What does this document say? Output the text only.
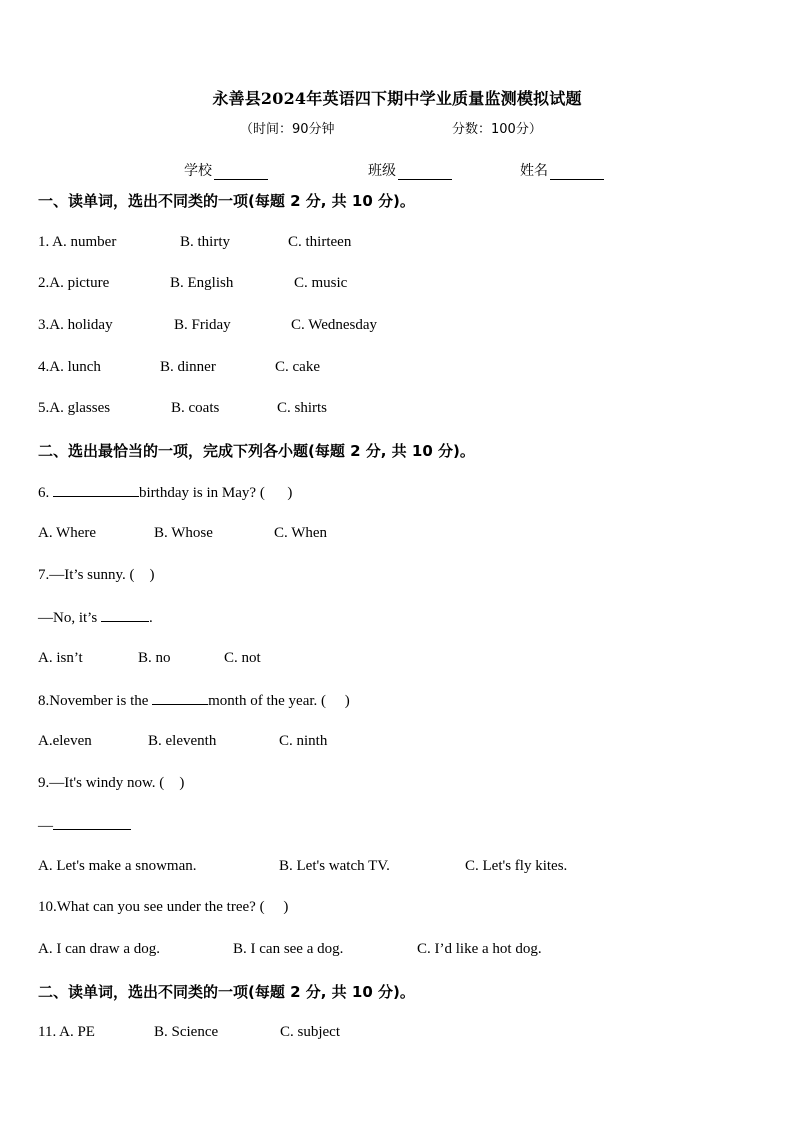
永善县2024年英语四下期中学业质量监测模拟试题
（时间：90分钟	分数：100分）
学校	班级	姓名
一、读单词，选出不同类的一项(每题 2 分, 共 10 分)。
1. A. number	B. thirty	C. thirteen
2.A. picture	B. English	C. music
3.A. holiday	B. Friday	C. Wednesday
4.A. lunch	B. dinner	C. cake
5.A. glasses	B. coats	C. shirts
二、选出最恰当的一项，完成下列各小题(每题 2 分, 共 10 分)。
6.	birthday is in May? ( )
A. Where	B. Whose	C. When
7.—It’s sunny. ( )
—No, it’s	.
A. isn’t	B. no	C. not
8.November is the	month of the year. ( )
A.eleven	B. eleventh	C. ninth
9.—It's windy now. ( )
—
A. Let's make a snowman.	B. Let's watch TV.	C. Let's fly kites.
10.What can you see under the tree? ( )
A. I can draw a dog.	B. I can see a dog.	C. I’d like a hot dog.
二、读单词，选出不同类的一项(每题 2 分, 共 10 分)。
11. A. PE	B. Science	C. subject
